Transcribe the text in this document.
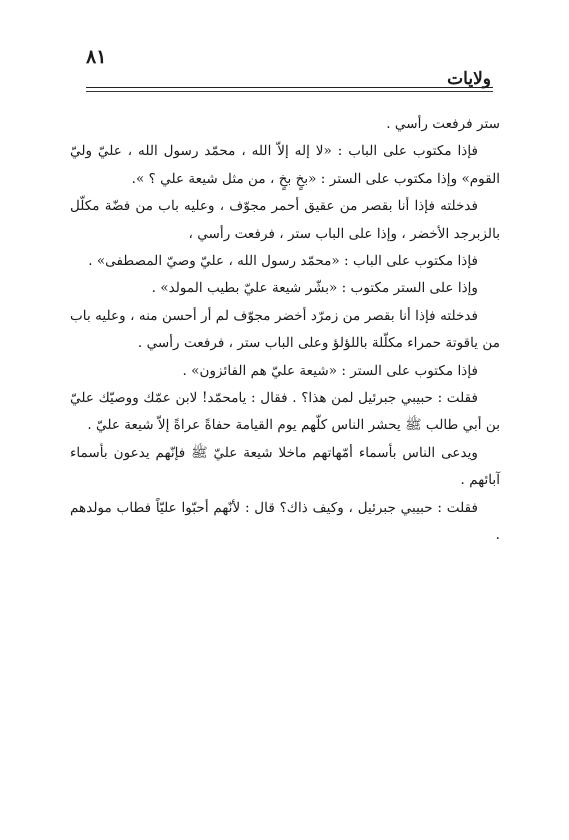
٨١
ولايات

ستر فرفعت رأسي .

فإذا مكتوب على الباب : «لا إله إلاّ الله ، محمّد رسول الله ، عليّ وليّ القوم» وإذا مكتوب على الستر : «بخٍ بخٍ ، من مثل شيعة علي ؟ ».

فدخلته فإذا أنا بقصر من عقيق أحمر مجوّف ، وعليه باب من فضّة مكلّل بالزبرجد الأخضر ، وإذا على الباب ستر ، فرفعت رأسي ،

فإذا مكتوب على الباب : «محمّد رسول الله ، عليّ وصيّ المصطفى» .

وإذا على الستر مكتوب : «بشّر شيعة عليّ بطيب المولد» .

فدخلته فإذا أنا بقصر من زمرّد أخضر مجوّف لم أر أحسن منه ، وعليه باب من ياقوتة حمراء مكلّلة باللؤلؤ وعلى الباب ستر ، فرفعت رأسي .

فإذا مكتوب على الستر : «شيعة عليّ هم الفائزون» .

فقلت : حبيبي جبرئيل لمن هذا؟ . فقال : يامحمّد! لابن عمّك ووصيّك عليّ بن أبي طالب ﷺ يحشر الناس كلّهم يوم القيامة حفاةً عراةً إلاّ شيعة عليّ .

ويدعى الناس بأسماء أمّهاتهم ماخلا شيعة عليّ ﷺ فإنّهم يدعون بأسماء آبائهم .

فقلت : حبيبي جبرئيل ، وكيف ذاك؟ قال : لأنّهم أحبّوا عليّاً فطاب مولدهم .
